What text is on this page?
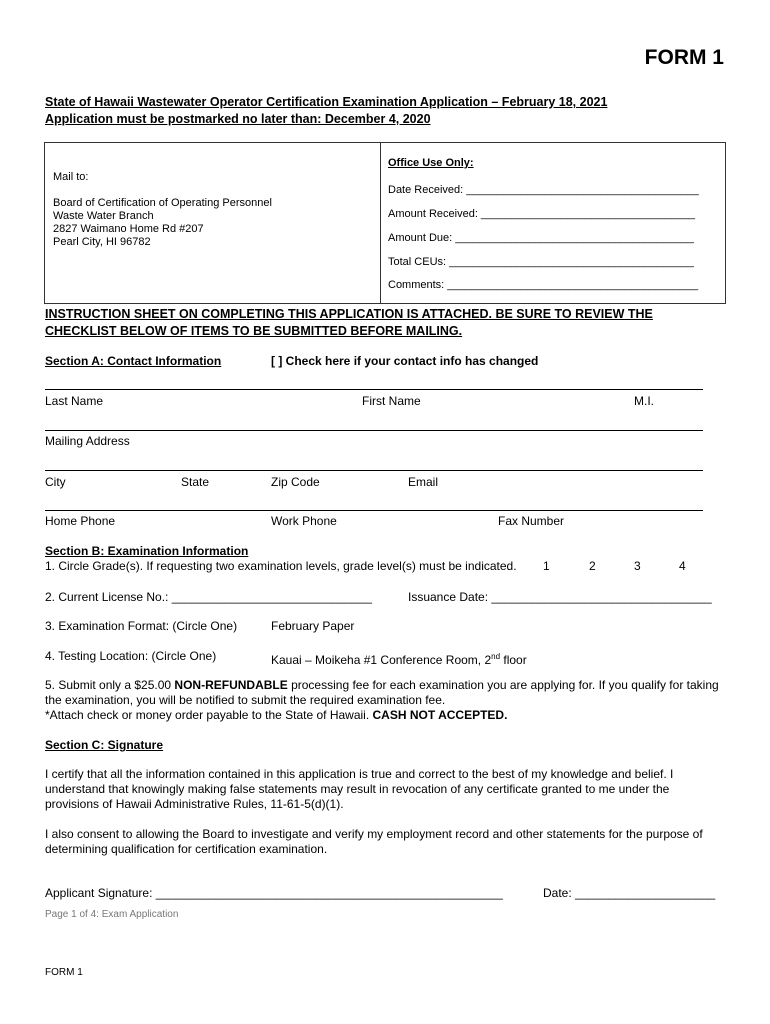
FORM 1
State of Hawaii Wastewater Operator Certification Examination Application – February 18, 2021
Application must be postmarked no later than: December 4, 2020
Mail to:
Board of Certification of Operating Personnel
Waste Water Branch
2827 Waimano Home Rd #207
Pearl City, HI 96782
Office Use Only:
Date Received: ______________________________________
Amount Received: ___________________________________
Amount Due: _______________________________________
Total CEUs: ________________________________________
Comments: _________________________________________
INSTRUCTION SHEET ON COMPLETING THIS APPLICATION IS ATTACHED. BE SURE TO REVIEW THE CHECKLIST BELOW OF ITEMS TO BE SUBMITTED BEFORE MAILING.
Section A: Contact Information	[ ] Check here if your contact info has changed
Last Name	First Name	M.I.
Mailing Address
City	State	Zip Code	Email
Home Phone	Work Phone	Fax Number
Section B: Examination Information
1. Circle Grade(s). If requesting two examination levels, grade level(s) must be indicated. 1	2	3	4
2. Current License No.: ______________________________	Issuance Date: _________________________________
3. Examination Format: (Circle One)	February Paper
4. Testing Location: (Circle One)	Kauai – Moikeha #1 Conference Room, 2nd floor
5. Submit only a $25.00 NON-REFUNDABLE processing fee for each examination you are applying for. If you qualify for taking the examination, you will be notified to submit the required examination fee.
*Attach check or money order payable to the State of Hawaii. CASH NOT ACCEPTED.
Section C: Signature
I certify that all the information contained in this application is true and correct to the best of my knowledge and belief. I understand that knowingly making false statements may result in revocation of any certificate granted to me under the provisions of Hawaii Administrative Rules, 11-61-5(d)(1).
I also consent to allowing the Board to investigate and verify my employment record and other statements for the purpose of determining qualification for certification examination.
Applicant Signature: ____________________________________________________	Date: _____________________
Page 1 of 4: Exam Application
FORM 1
